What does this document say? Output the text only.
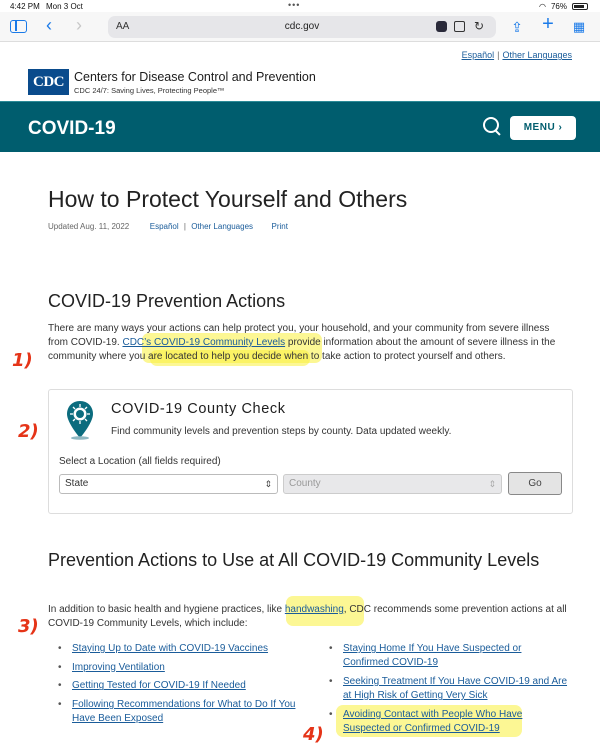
4:42 PM Mon 3 Oct	•••	◠ 76%
‹	›	AA	cdc.gov	↻ ⇪ + ▦
Español | Other Languages
CDC Centers for Disease Control and Prevention
CDC 24/7: Saving Lives, Protecting People™
COVID-19	MENU ›
How to Protect Yourself and Others
Updated Aug. 11, 2022	Español | Other Languages Print
COVID-19 Prevention Actions

There are many ways your actions can help protect you, your household, and your community from severe illness from COVID-19. CDC’s COVID-19 Community Levels provide information about the amount of severe illness in the community where you are located to help you decide when to take action to protect yourself and others.

1)
2)
3)
4)
COVID-19 County Check
Find community levels and prevention steps by county. Data updated weekly.
Select a Location (all fields required)
State	⇕	County	⇕	Go
Prevention Actions to Use at All COVID-19 Community Levels

In addition to basic health and hygiene practices, like handwashing, CDC recommends some prevention actions at all COVID-19 Community Levels, which include:

• Staying Up to Date with COVID-19 Vaccines
• Improving Ventilation
• Getting Tested for COVID-19 If Needed
• Following Recommendations for What to Do If You Have Been Exposed
• Staying Home If You Have Suspected or Confirmed COVID-19
• Seeking Treatment If You Have COVID-19 and Are at High Risk of Getting Very Sick
• Avoiding Contact with People Who Have Suspected or Confirmed COVID-19
